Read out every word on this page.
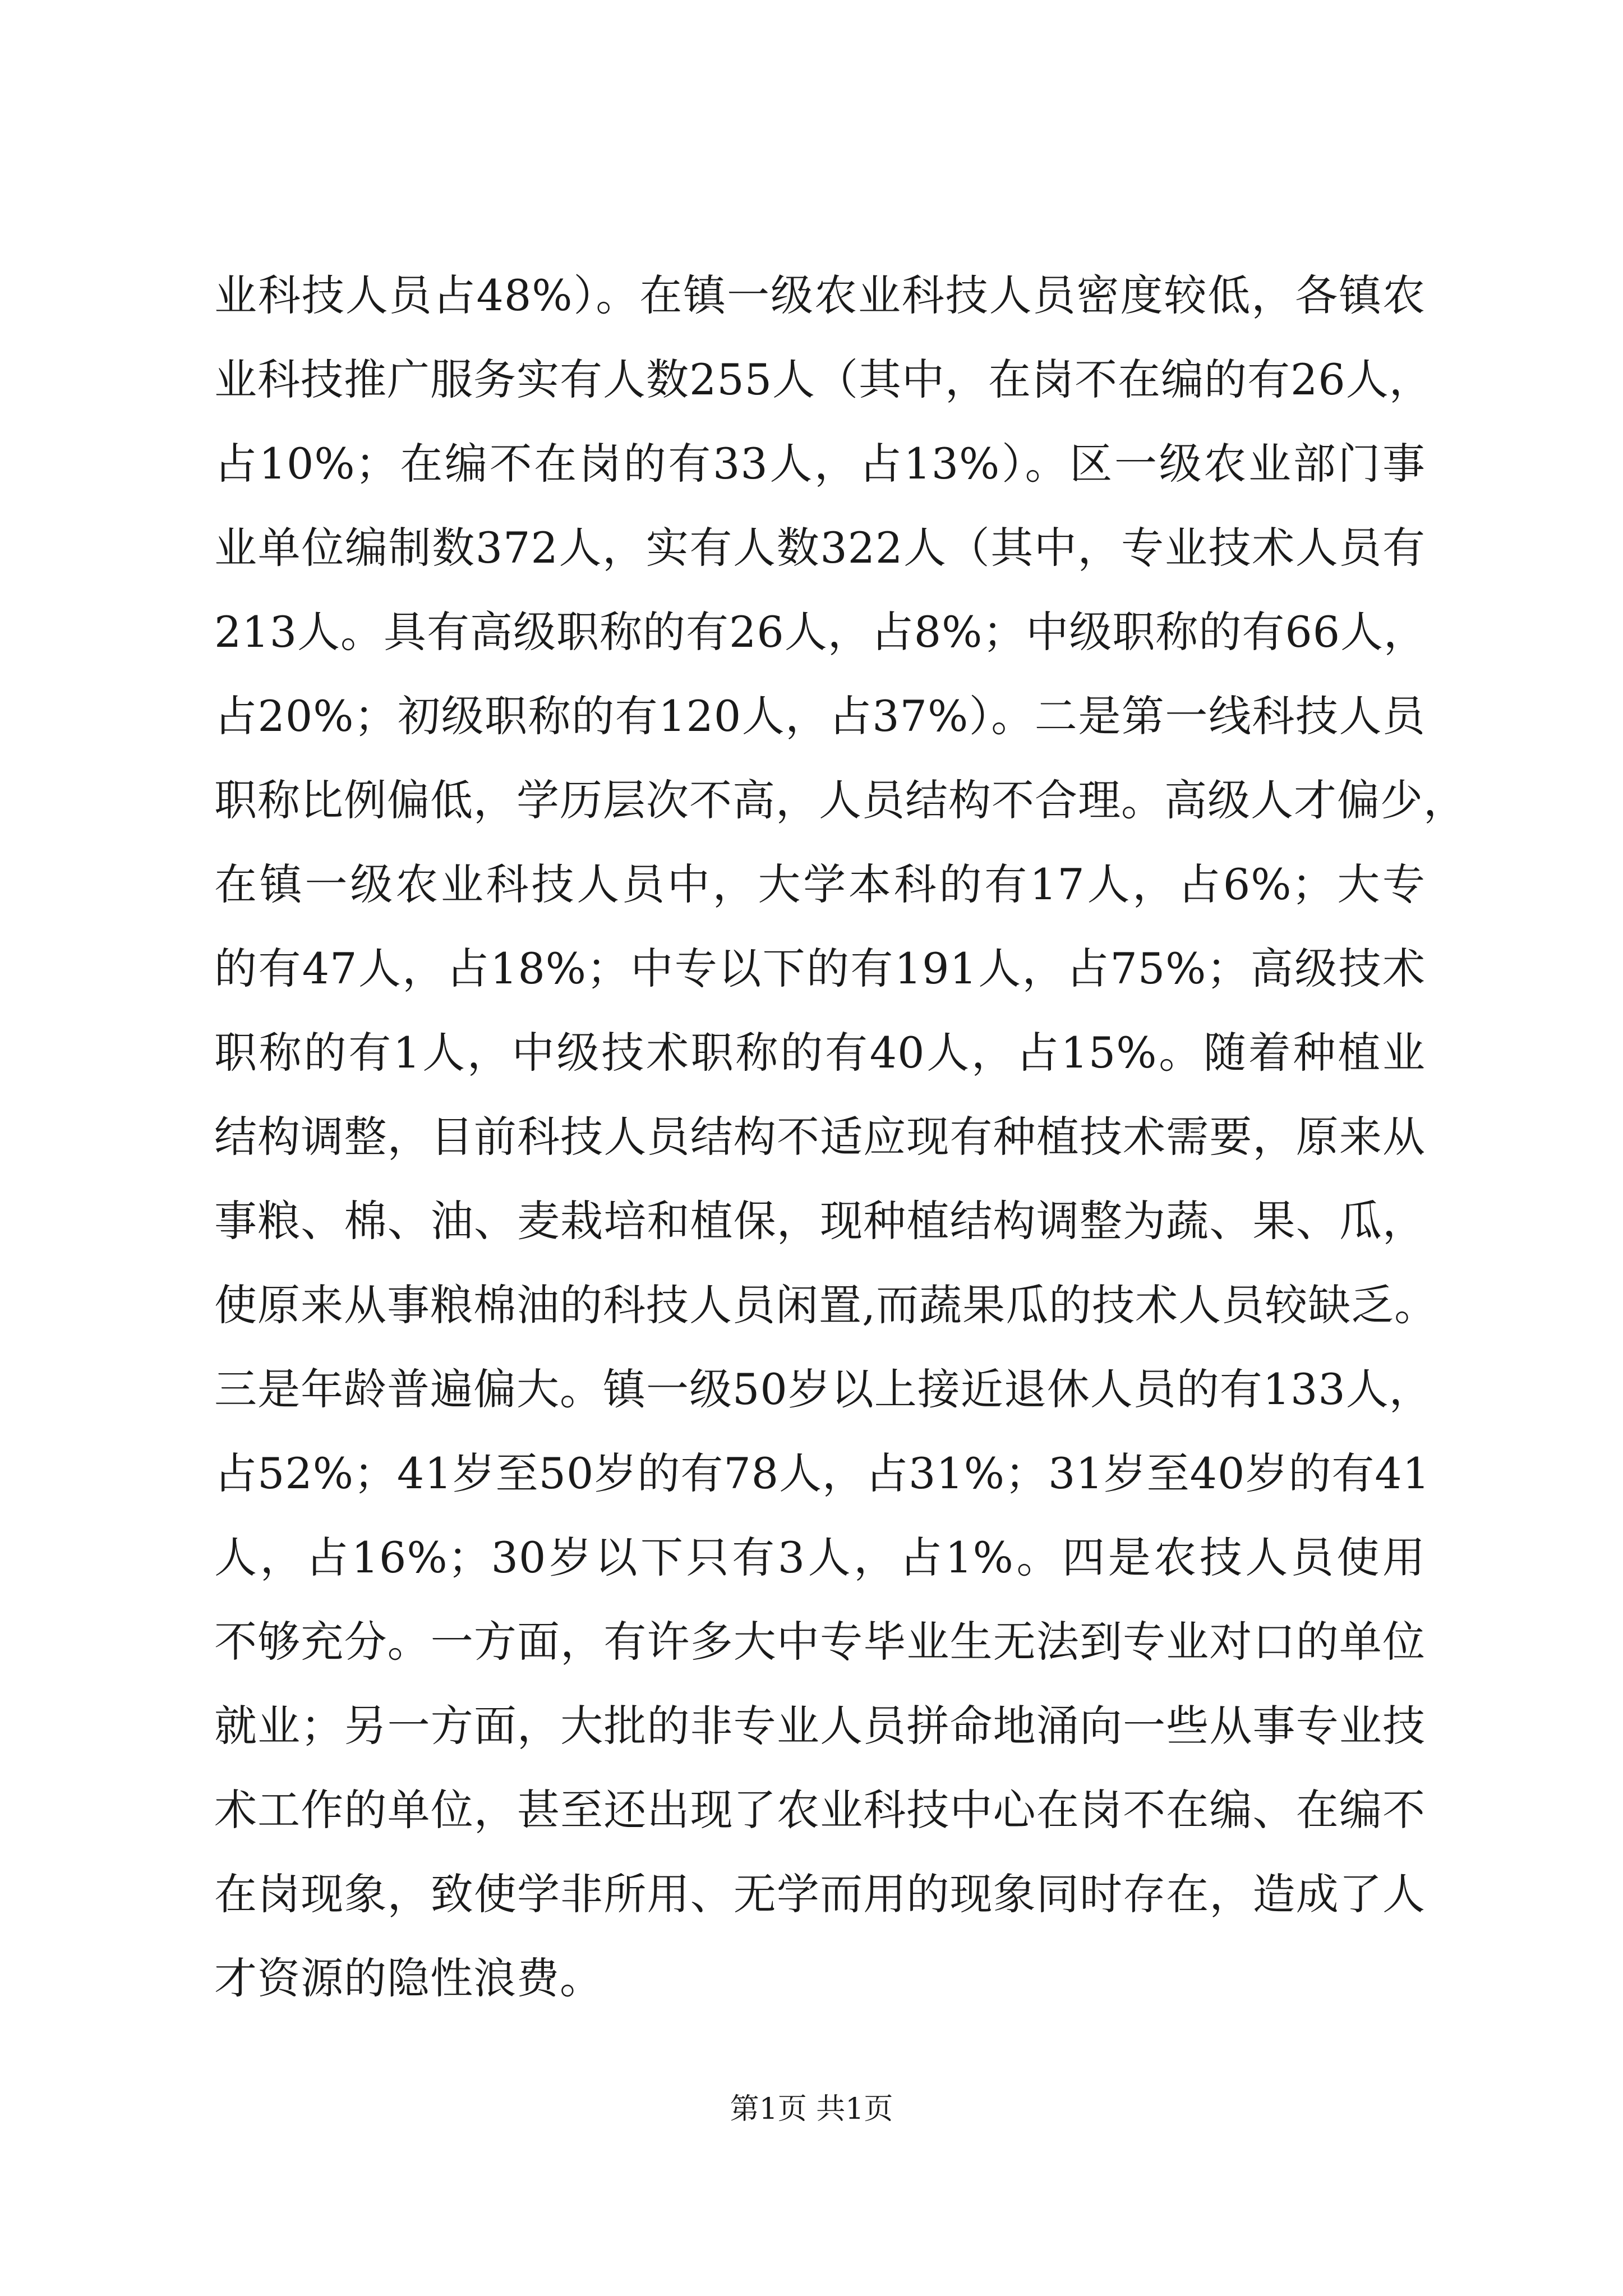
业科技人员占48%）。在镇一级农业科技人员密度较低，各镇农
业科技推广服务实有人数255人（其中，在岗不在编的有26人，
占10%；在编不在岗的有33人，占13%）。区一级农业部门事
业单位编制数372人，实有人数322人（其中，专业技术人员有
213人。具有高级职称的有26人，占8%；中级职称的有66人，
占20%；初级职称的有120人，占37%）。二是第一线科技人员
职称比例偏低，学历层次不高，人员结构不合理。高级人才偏少，
在镇一级农业科技人员中，大学本科的有17人，占6%；大专
的有47人，占18%；中专以下的有191人，占75%；高级技术
职称的有1人，中级技术职称的有40人，占15%。随着种植业
结构调整，目前科技人员结构不适应现有种植技术需要，原来从
事粮、棉、油、麦栽培和植保，现种植结构调整为蔬、果、瓜，
使原来从事粮棉油的科技人员闲置,而蔬果瓜的技术人员较缺乏。
三是年龄普遍偏大。镇一级50岁以上接近退休人员的有133人，
占52%；41岁至50岁的有78人，占31%；31岁至40岁的有41
人，占16%；30岁以下只有3人，占1%。四是农技人员使用
不够充分。一方面，有许多大中专毕业生无法到专业对口的单位
就业；另一方面，大批的非专业人员拼命地涌向一些从事专业技
术工作的单位，甚至还出现了农业科技中心在岗不在编、在编不
在岗现象，致使学非所用、无学而用的现象同时存在，造成了人
才资源的隐性浪费。
第1页 共1页
